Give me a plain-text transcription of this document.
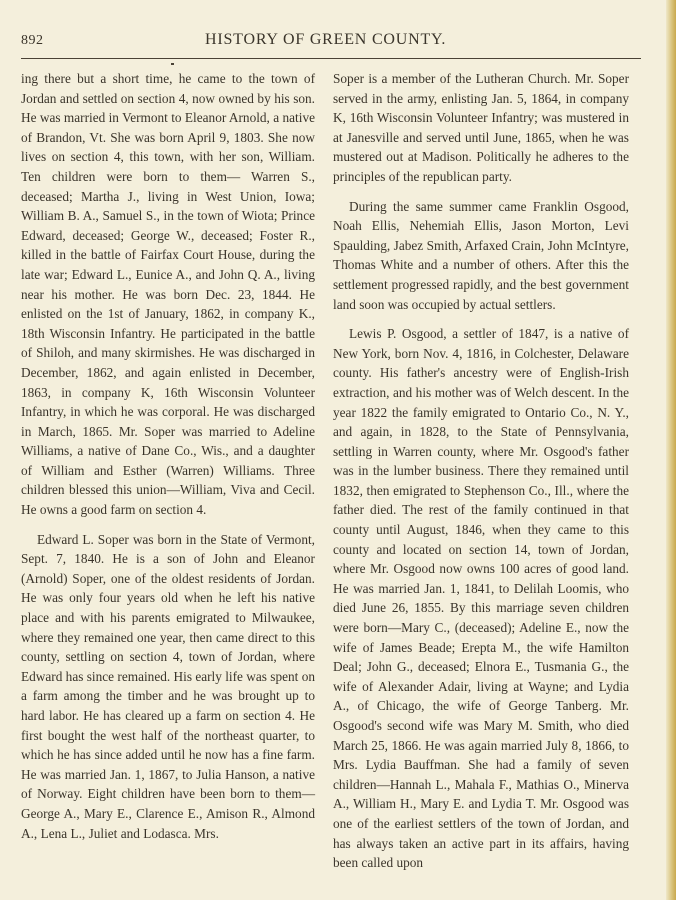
892	HISTORY OF GREEN COUNTY.

ing there but a short time, he came to the town of Jordan and settled on section 4, now owned by his son. He was married in Vermont to Eleanor Arnold, a native of Brandon, Vt. She was born April 9, 1803. She now lives on section 4, this town, with her son, William. Ten children were born to them— Warren S., deceased; Martha J., living in West Union, Iowa; William B. A., Samuel S., in the town of Wiota; Prince Edward, deceased; George W., deceased; Foster R., killed in the battle of Fairfax Court House, during the late war; Edward L., Eunice A., and John Q. A., living near his mother. He was born Dec. 23, 1844. He enlisted on the 1st of January, 1862, in company K., 18th Wisconsin Infantry. He participated in the battle of Shiloh, and many skirmishes. He was discharged in December, 1862, and again enlisted in December, 1863, in company K, 16th Wisconsin Volunteer Infantry, in which he was corporal. He was discharged in March, 1865. Mr. Soper was married to Adeline Williams, a native of Dane Co., Wis., and a daughter of William and Esther (Warren) Williams. Three children blessed this union—William, Viva and Cecil. He owns a good farm on section 4.

Edward L. Soper was born in the State of Vermont, Sept. 7, 1840. He is a son of John and Eleanor (Arnold) Soper, one of the oldest residents of Jordan. He was only four years old when he left his native place and with his parents emigrated to Milwaukee, where they remained one year, then came direct to this county, settling on section 4, town of Jordan, where Edward has since remained. His early life was spent on a farm among the timber and he was brought up to hard labor. He has cleared up a farm on section 4. He first bought the west half of the northeast quarter, to which he has since added until he now has a fine farm. He was married Jan. 1, 1867, to Julia Hanson, a native of Norway. Eight children have been born to them— George A., Mary E., Clarence E., Amison R., Almond A., Lena L., Juliet and Lodasca. Mrs.

Soper is a member of the Lutheran Church. Mr. Soper served in the army, enlisting Jan. 5, 1864, in company K, 16th Wisconsin Volunteer Infantry; was mustered in at Janesville and served until June, 1865, when he was mustered out at Madison. Politically he adheres to the principles of the republican party.

During the same summer came Franklin Osgood, Noah Ellis, Nehemiah Ellis, Jason Morton, Levi Spaulding, Jabez Smith, Arfaxed Crain, John McIntyre, Thomas White and a number of others. After this the settlement progressed rapidly, and the best government land soon was occupied by actual settlers.

Lewis P. Osgood, a settler of 1847, is a native of New York, born Nov. 4, 1816, in Colchester, Delaware county. His father's ancestry were of English-Irish extraction, and his mother was of Welch descent. In the year 1822 the family emigrated to Ontario Co., N. Y., and again, in 1828, to the State of Pennsylvania, settling in Warren county, where Mr. Osgood's father was in the lumber business. There they remained until 1832, then emigrated to Stephenson Co., Ill., where the father died. The rest of the family continued in that county until August, 1846, when they came to this county and located on section 14, town of Jordan, where Mr. Osgood now owns 100 acres of good land. He was married Jan. 1, 1841, to Delilah Loomis, who died June 26, 1855. By this marriage seven children were born—Mary C., (deceased); Adeline E., now the wife of James Beade; Erepta M., the wife Hamilton Deal; John G., deceased; Elnora E., Tusmania G., the wife of Alexander Adair, living at Wayne; and Lydia A., of Chicago, the wife of George Tanberg. Mr. Osgood's second wife was Mary M. Smith, who died March 25, 1866. He was again married July 8, 1866, to Mrs. Lydia Bauffman. She had a family of seven children—Hannah L., Mahala F., Mathias O., Minerva A., William H., Mary E. and Lydia T. Mr. Osgood was one of the earliest settlers of the town of Jordan, and has always taken an active part in its affairs, having been called upon
